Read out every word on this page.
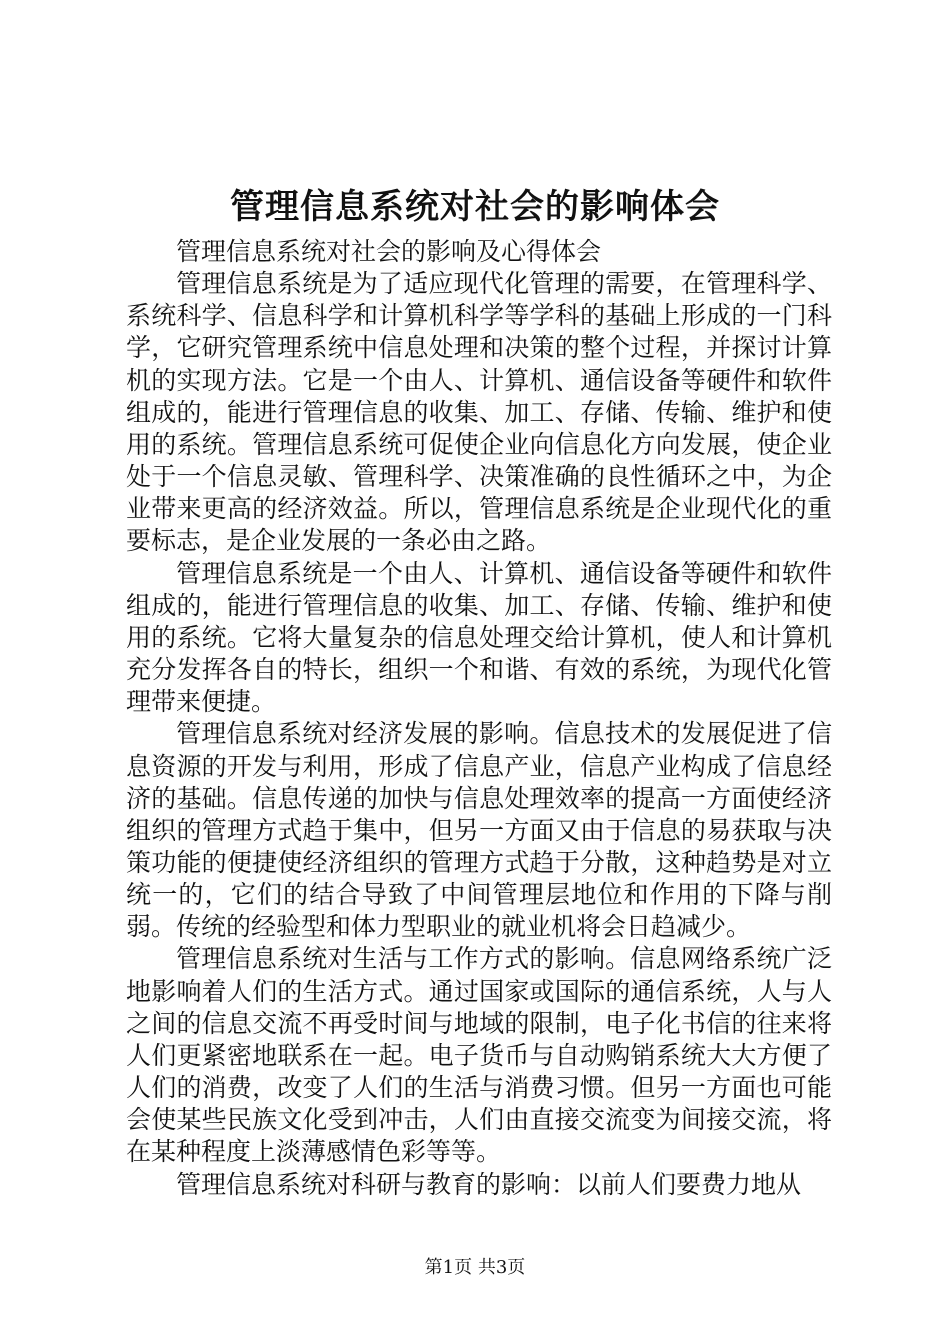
管理信息系统对社会的影响体会

管理信息系统对社会的影响及心得体会

管理信息系统是为了适应现代化管理的需要，在管理科学、系统科学、信息科学和计算机科学等学科的基础上形成的一门科学，它研究管理系统中信息处理和决策的整个过程，并探讨计算机的实现方法。它是一个由人、计算机、通信设备等硬件和软件组成的，能进行管理信息的收集、加工、存储、传输、维护和使用的系统。管理信息系统可促使企业向信息化方向发展，使企业处于一个信息灵敏、管理科学、决策准确的良性循环之中，为企业带来更高的经济效益。所以，管理信息系统是企业现代化的重要标志，是企业发展的一条必由之路。

管理信息系统是一个由人、计算机、通信设备等硬件和软件组成的，能进行管理信息的收集、加工、存储、传输、维护和使用的系统。它将大量复杂的信息处理交给计算机，使人和计算机充分发挥各自的特长，组织一个和谐、有效的系统，为现代化管理带来便捷。

管理信息系统对经济发展的影响。信息技术的发展促进了信息资源的开发与利用，形成了信息产业，信息产业构成了信息经济的基础。信息传递的加快与信息处理效率的提高一方面使经济组织的管理方式趋于集中，但另一方面又由于信息的易获取与决策功能的便捷使经济组织的管理方式趋于分散，这种趋势是对立统一的，它们的结合导致了中间管理层地位和作用的下降与削弱。传统的经验型和体力型职业的就业机将会日趋减少。

管理信息系统对生活与工作方式的影响。信息网络系统广泛地影响着人们的生活方式。通过国家或国际的通信系统，人与人之间的信息交流不再受时间与地域的限制，电子化书信的往来将人们更紧密地联系在一起。电子货币与自动购销系统大大方便了人们的消费，改变了人们的生活与消费习惯。但另一方面也可能会使某些民族文化受到冲击，人们由直接交流变为间接交流，将在某种程度上淡薄感情色彩等等。

管理信息系统对科研与教育的影响：以前人们要费力地从

第1页 共3页
